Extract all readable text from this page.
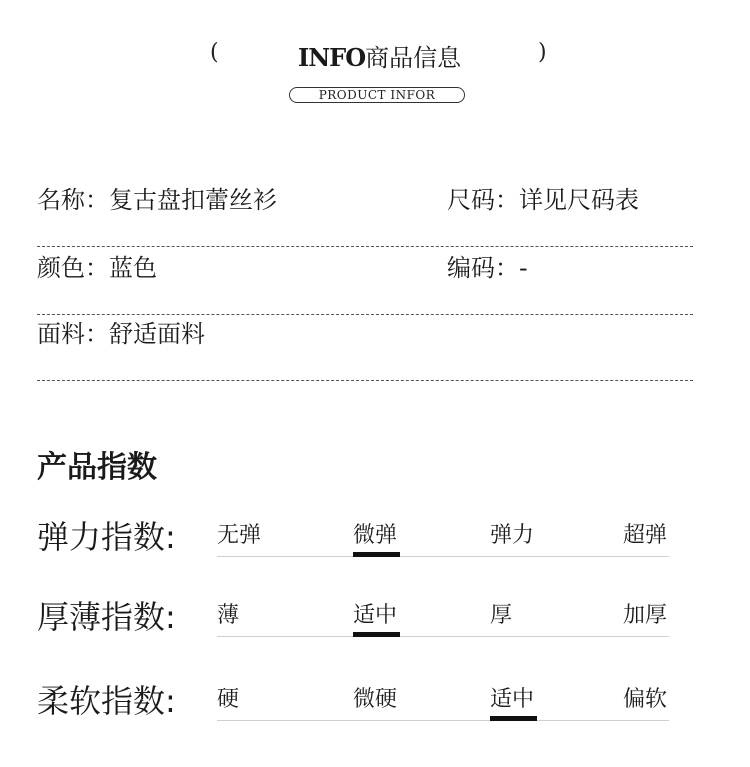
(	INFO商品信息	)
PRODUCT INFOR
名称：复古盘扣蕾丝衫	尺码：详见尺码表
颜色：蓝色	编码：-
面料：舒适面料
产品指数
弹力指数: 无弹	微弹	弹力	超弹
厚薄指数: 薄	适中	厚	加厚
柔软指数: 硬	微硬	适中	偏软
